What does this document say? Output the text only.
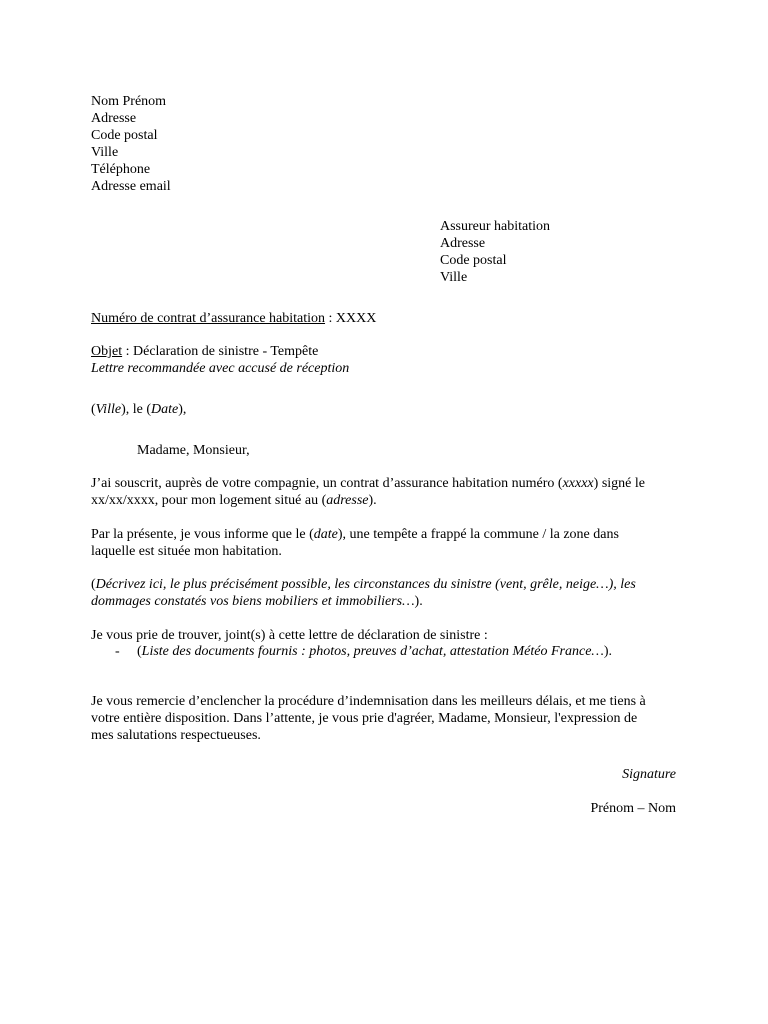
Nom Prénom
Adresse
Code postal
Ville
Téléphone
Adresse email
Assureur habitation
Adresse
Code postal
Ville
Numéro de contrat d’assurance habitation : XXXX
Objet : Déclaration de sinistre - Tempête
Lettre recommandée avec accusé de réception
(Ville), le (Date),
Madame, Monsieur,
J’ai souscrit, auprès de votre compagnie, un contrat d’assurance habitation numéro (xxxxx) signé le
xx/xx/xxxx, pour mon logement situé au (adresse).
Par la présente, je vous informe que le (date), une tempête a frappé la commune / la zone dans
laquelle est située mon habitation.
(Décrivez ici, le plus précisément possible, les circonstances du sinistre (vent, grêle, neige…), les
dommages constatés vos biens mobiliers et immobiliers…).
Je vous prie de trouver, joint(s) à cette lettre de déclaration de sinistre :
- (Liste des documents fournis : photos, preuves d’achat, attestation Météo France…).
Je vous remercie d’enclencher la procédure d’indemnisation dans les meilleurs délais, et me tiens à
votre entière disposition. Dans l’attente, je vous prie d'agréer, Madame, Monsieur, l'expression de
mes salutations respectueuses.
Signature
Prénom – Nom
